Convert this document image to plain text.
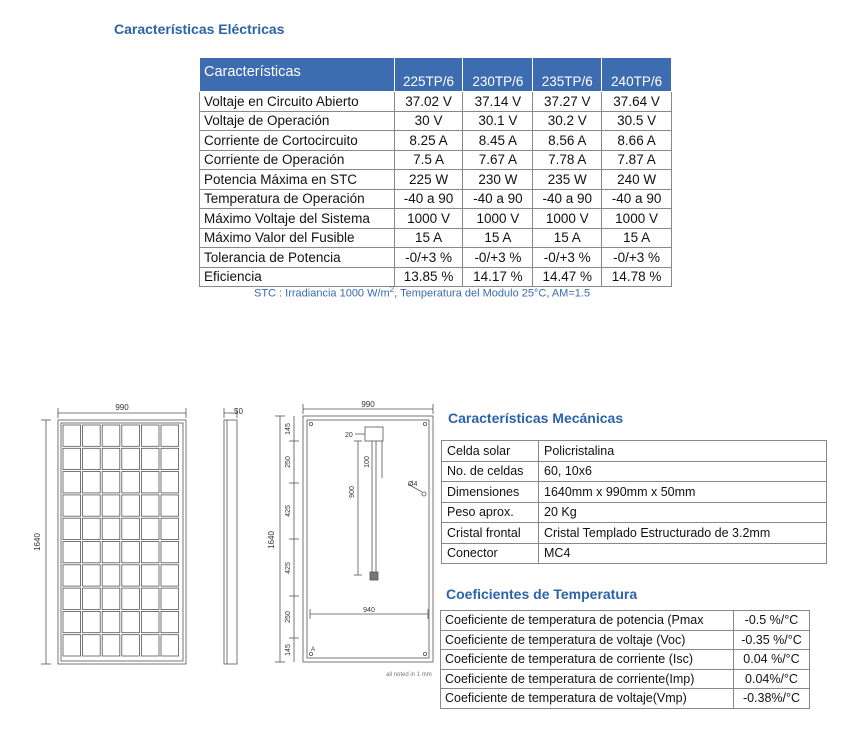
Características Eléctricas
Características	225TP/6	230TP/6	235TP/6	240TP/6
Voltaje en Circuito Abierto	37.02 V	37.14 V	37.27 V	37.64 V
Voltaje de Operación	30 V	30.1 V	30.2 V	30.5 V
Corriente de Cortocircuito	8.25 A	8.45 A	8.56 A	8.66 A
Corriente de Operación	7.5 A	7.67 A	7.78 A	7.87 A
Potencia Máxima en STC	225 W	230 W	235 W	240 W
Temperatura de Operación	-40 a 90	-40 a 90	-40 a 90	-40 a 90
Máximo Voltaje del Sistema	1000 V	1000 V	1000 V	1000 V
Máximo Valor del Fusible	15 A	15 A	15 A	15 A
Tolerancia de Potencia	-0/+3 %	-0/+3 %	-0/+3 %	-0/+3 %
Eficiencia	13.85 %	14.17 %	14.47 %	14.78 %
STC : Irradiancia 1000 $W/m^2$, Temperatura del Modulo 25°C, AM=1.5
990
1640
50
990
1640
145
250
425
425
250
145
20
100
900
940
Ø4
A
all noted in 1 mm
Características Mecánicas
Celda solar	Policristalina
No. de celdas	60, 10x6
Dimensiones	1640mm x 990mm x 50mm
Peso aprox.	20 Kg
Cristal frontal	Cristal Templado Estructurado de 3.2mm
Conector	MC4
Coeficientes de Temperatura
Coeficiente de temperatura de potencia (Pmax	-0.5 %/°C
Coeficiente de temperatura de voltaje (Voc)	-0.35 %/°C
Coeficiente de temperatura de corriente (Isc)	0.04 %/°C
Coeficiente de temperatura de corriente(Imp)	0.04%/°C
Coeficiente de temperatura de voltaje(Vmp)	-0.38%/°C
